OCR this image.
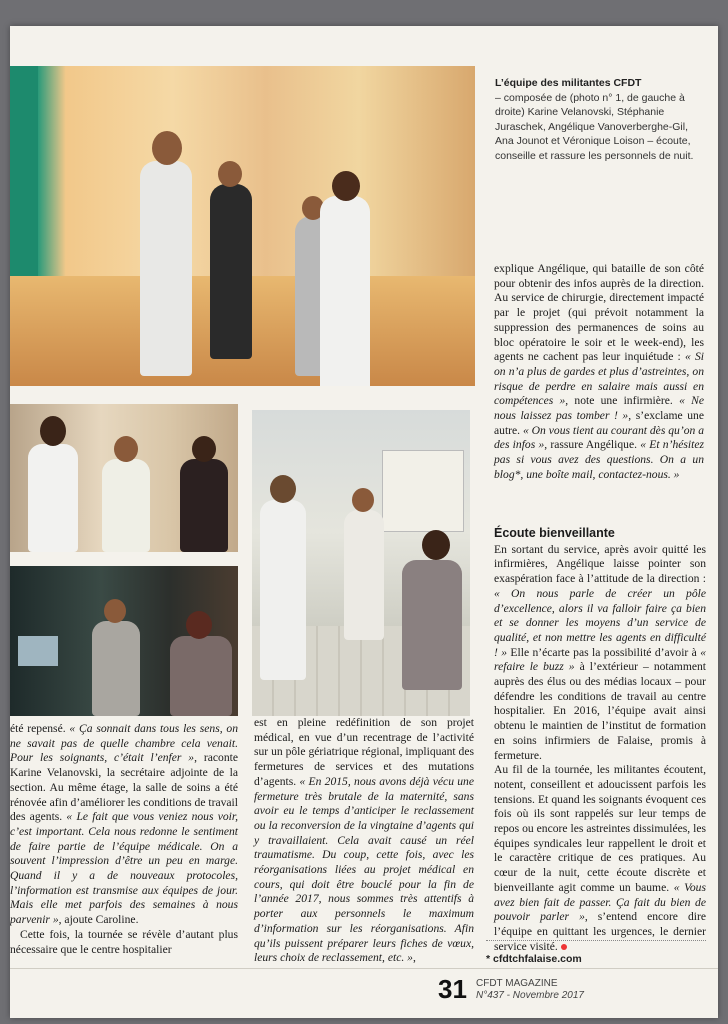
L’équipe des militantes CFDT
– composée de (photo n° 1, de gauche à droite) Karine Velanovski, Stéphanie Juraschek, Angélique Vanoverberghe-Gil, Ana Jounot et Véronique Loison – écoute, conseille et rassure les personnels de nuit.

explique Angélique, qui bataille de son côté pour obtenir des infos auprès de la direction. Au service de chirurgie, directement impacté par le projet (qui prévoit notamment la suppression des permanences de soins au bloc opératoire le soir et le week-end), les agents ne cachent pas leur inquiétude : « Si on n’a plus de gardes et plus d’astreintes, on risque de perdre en salaire mais aussi en compétences », note une infirmière. « Ne nous laissez pas tomber ! », s’exclame une autre. « On vous tient au courant dès qu’on a des infos », rassure Angélique. « Et n’hésitez pas si vous avez des questions. On a un blog*, une boîte mail, contactez-nous. »

Écoute bienveillante

En sortant du service, après avoir quitté les infirmières, Angélique laisse pointer son exaspération face à l’attitude de la direction : « On nous parle de créer un pôle d’excellence, alors il va falloir faire ça bien et se donner les moyens d’un service de qualité, et non mettre les agents en difficulté ! » Elle n’écarte pas la possibilité d’avoir à « refaire le buzz » à l’extérieur – notamment auprès des élus ou des médias locaux – pour défendre les conditions de travail au centre hospitalier. En 2016, l’équipe avait ainsi obtenu le maintien de l’institut de formation en soins infirmiers de Falaise, promis à fermeture.

Au fil de la tournée, les militantes écoutent, notent, conseillent et adoucissent parfois les tensions. Et quand les soignants évoquent ces fois où ils sont rappelés sur leur temps de repos ou encore les astreintes dissimulées, les équipes syndicales leur rappellent le droit et le caractère critique de ces pratiques. Au cœur de la nuit, cette écoute discrète et bienveillante agit comme un baume. « Vous avez bien fait de passer. Ça fait du bien de pouvoir parler », s’entend encore dire l’équipe en quittant les urgences, le dernier service visité.

été repensé. « Ça sonnait dans tous les sens, on ne savait pas de quelle chambre cela venait. Pour les soignants, c’était l’enfer », raconte Karine Velanovski, la secrétaire adjointe de la section. Au même étage, la salle de soins a été rénovée afin d’améliorer les conditions de travail des agents. « Le fait que vous veniez nous voir, c’est important. Cela nous redonne le sentiment de faire partie de l’équipe médicale. On a souvent l’impression d’être un peu en marge. Quand il y a de nouveaux protocoles, l’information est transmise aux équipes de jour. Mais elle met parfois des semaines à nous parvenir », ajoute Caroline.

Cette fois, la tournée se révèle d’autant plus nécessaire que le centre hospitalier

est en pleine redéfinition de son projet médical, en vue d’un recentrage de l’activité sur un pôle gériatrique régional, impliquant des fermetures de services et des mutations d’agents. « En 2015, nous avons déjà vécu une fermeture très brutale de la maternité, sans avoir eu le temps d’anticiper le reclassement ou la reconversion de la vingtaine d’agents qui y travaillaient. Cela avait causé un réel traumatisme. Du coup, cette fois, avec les réorganisations liées au projet médical en cours, qui doit être bouclé pour la fin de l’année 2017, nous sommes très attentifs à porter aux personnels le maximum d’information sur les réorganisations. Afin qu’ils puissent préparer leurs fiches de vœux, leurs choix de reclassement, etc. »,	* cfdtchfalaise.com
31 CFDT MAGAZINE
N°437 - Novembre 2017
